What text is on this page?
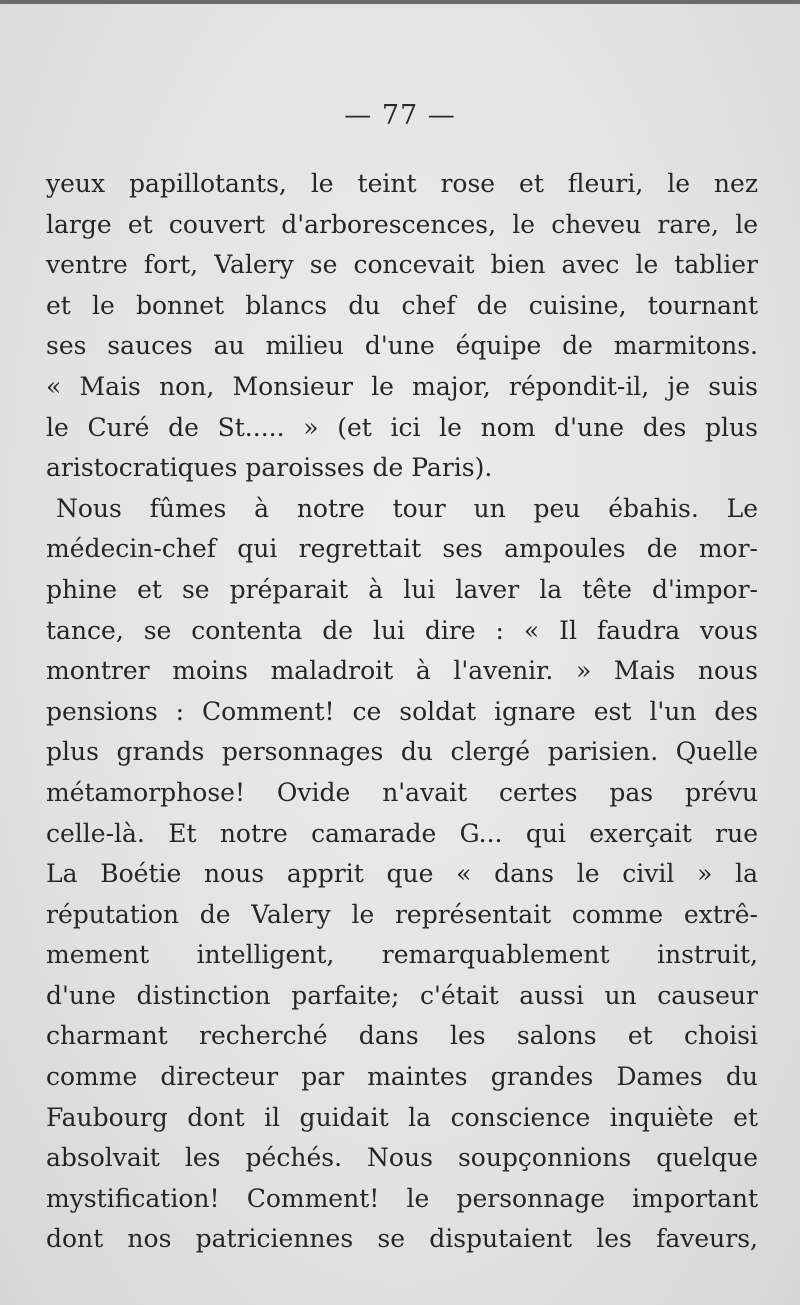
— 77 —
yeux papillotants, le teint rose et fleuri, le nez
large et couvert d'arborescences, le cheveu rare, le
ventre fort, Valery se concevait bien avec le tablier
et le bonnet blancs du chef de cuisine, tournant
ses sauces au milieu d'une équipe de marmitons.
« Mais non, Monsieur le major, répondit-il, je suis
le Curé de St..... » (et ici le nom d'une des plus
aristocratiques paroisses de Paris).
Nous fûmes à notre tour un peu ébahis. Le
médecin-chef qui regrettait ses ampoules de mor-
phine et se préparait à lui laver la tête d'impor-
tance, se contenta de lui dire : « Il faudra vous
montrer moins maladroit à l'avenir. » Mais nous
pensions : Comment! ce soldat ignare est l'un des
plus grands personnages du clergé parisien. Quelle
métamorphose! Ovide n'avait certes pas prévu
celle-là. Et notre camarade G... qui exerçait rue
La Boétie nous apprit que « dans le civil » la
réputation de Valery le représentait comme extrê-
mement intelligent, remarquablement instruit,
d'une distinction parfaite; c'était aussi un causeur
charmant recherché dans les salons et choisi
comme directeur par maintes grandes Dames du
Faubourg dont il guidait la conscience inquiète et
absolvait les péchés. Nous soupçonnions quelque
mystification! Comment! le personnage important
dont nos patriciennes se disputaient les faveurs,
